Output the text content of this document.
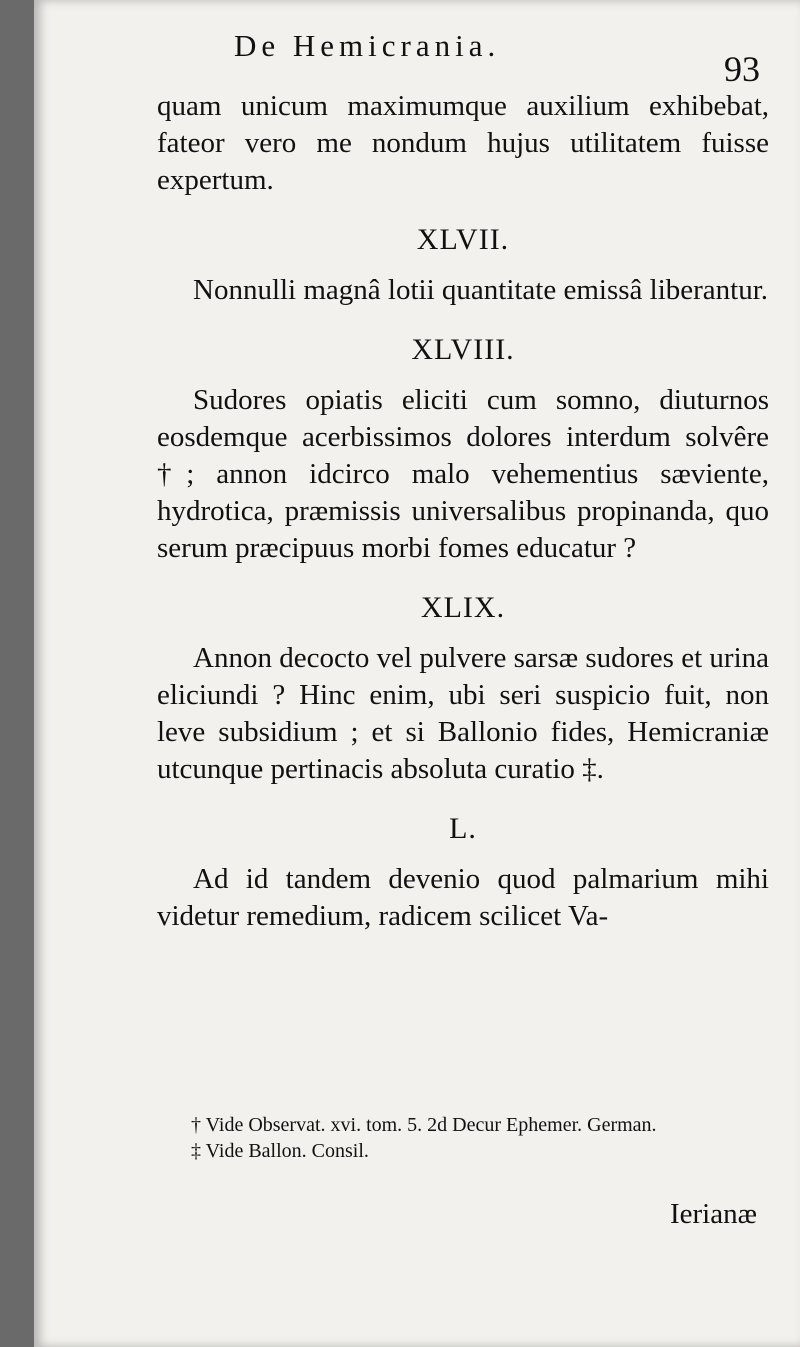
De Hemicrania.
93

quam unicum maximumque auxilium exhibebat, fateor vero me nondum hujus utilitatem fuisse expertum.

XLVII.

Nonnulli magnâ lotii quantitate emissâ liberantur.

XLVIII.

Sudores opiatis eliciti cum somno, diuturnos eosdemque acerbissimos dolores interdum solvêre †; annon idcirco malo vehementius sæviente, hydrotica, præmissis universalibus propinanda, quo serum præcipuus morbi fomes educatur ?

XLIX.

Annon decocto vel pulvere sarsæ sudores et urina eliciundi ? Hinc enim, ubi seri suspicio fuit, non leve subsidium ; et si Ballonio fides, Hemicraniæ utcunque pertinacis absoluta curatio ‡.

L.

Ad id tandem devenio quod palmarium mihi videtur remedium, radicem scilicet Va-

† Vide Observat. xvi. tom. 5. 2d Decur Ephemer. German.

‡ Vide Ballon. Consil.

Ierianæ
